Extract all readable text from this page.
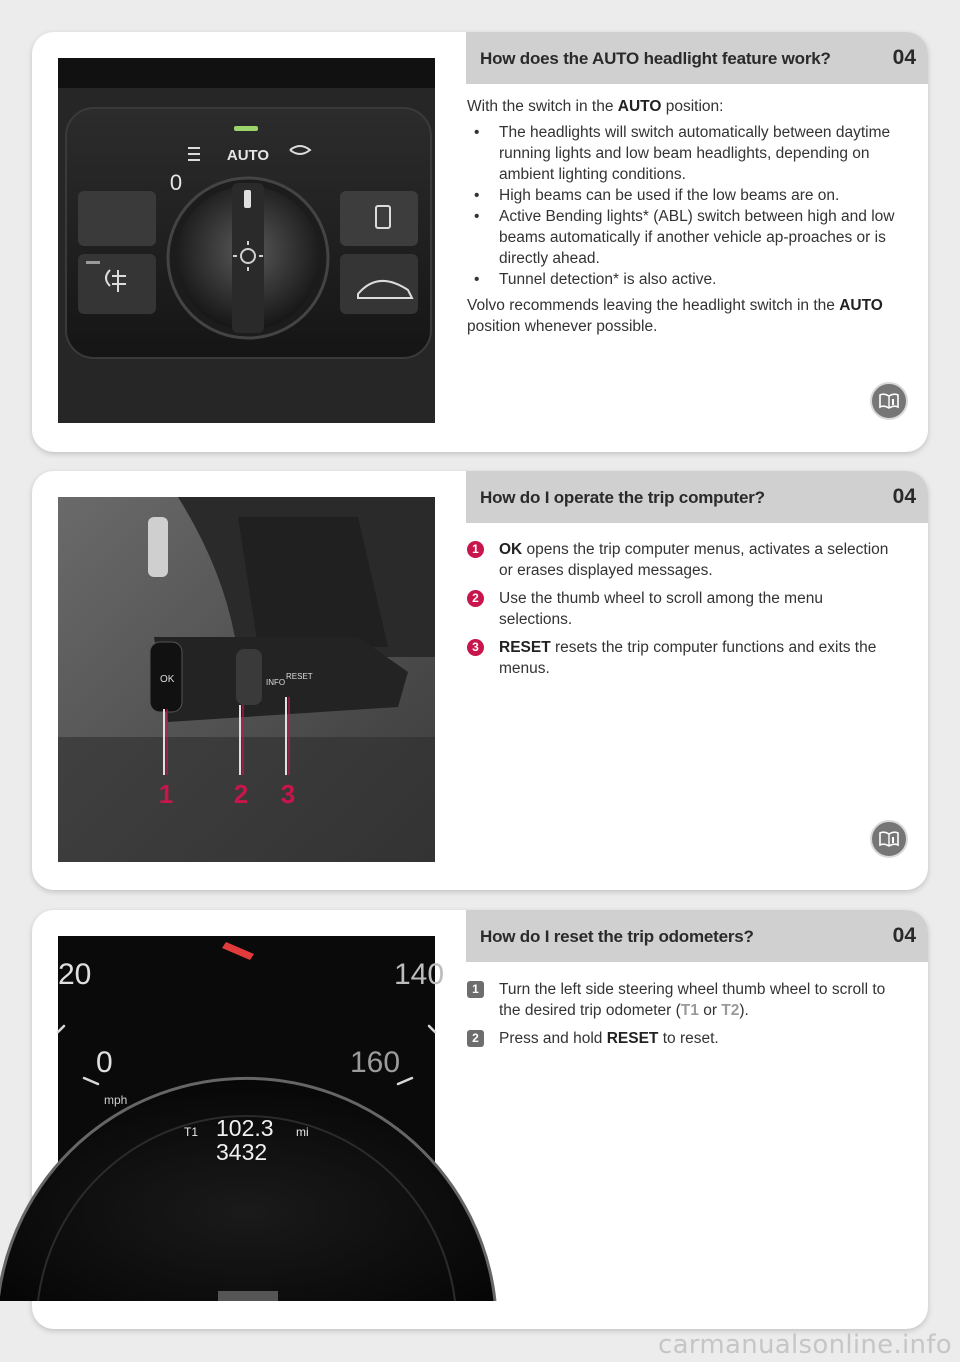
AUTO
0
How does the AUTO headlight feature work?	04

With the switch in the AUTO position:

• The headlights will switch automatically between daytime running lights and low beam headlights, depending on ambient lighting conditions.
• High beams can be used if the low beams are on.
• Active Bending lights* (ABL) switch between high and low beams automatically if another vehicle ap-proaches or is directly ahead.
• Tunnel detection* is also active.

Volvo recommends leaving the headlight switch in the AUTO position whenever possible.

OK	INFO
RESET
1 2 3
How do I operate the trip computer?	04
1	OK opens the trip computer menus, activates a selection or erases displayed messages.
2	Use the thumb wheel to scroll among the menu selections.
3	RESET resets the trip computer functions and exits the menus.
20	140
0	160
mph
T1 102.3 mi
3432
How do I reset the trip odometers?	04
1	Turn the left side steering wheel thumb wheel to scroll to the desired trip odometer (T1 or T2).
2	Press and hold RESET to reset.
carmanualsonline.info
